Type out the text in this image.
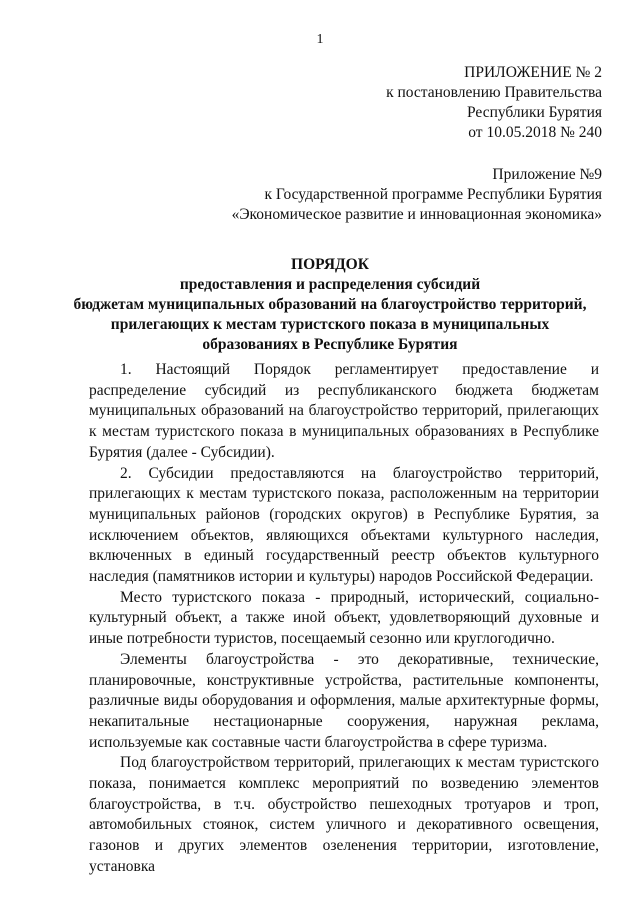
1
ПРИЛОЖЕНИЕ № 2
к постановлению Правительства
Республики Бурятия
от 10.05.2018 № 240
Приложение №9
к Государственной программе Республики Бурятия
«Экономическое развитие и инновационная экономика»
ПОРЯДОК
предоставления и распределения субсидий
бюджетам муниципальных образований на благоустройство территорий,
прилегающих к местам туристского показа в муниципальных
образованиях в Республике Бурятия

1. Настоящий Порядок регламентирует предоставление и распределение субсидий из республиканского бюджета бюджетам муниципальных образований на благоустройство территорий, прилегающих к местам туристского показа в муниципальных образованиях в Республике Бурятия (далее - Субсидии).

2. Субсидии предоставляются на благоустройство территорий, прилегающих к местам туристского показа, расположенным на территории муниципальных районов (городских округов) в Республике Бурятия, за исключением объектов, являющихся объектами культурного наследия, включенных в единый государственный реестр объектов культурного наследия (памятников истории и культуры) народов Российской Федерации.

Место туристского показа - природный, исторический, социально-культурный объект, а также иной объект, удовлетворяющий духовные и иные потребности туристов, посещаемый сезонно или круглогодично.

Элементы благоустройства - это декоративные, технические, планировочные, конструктивные устройства, растительные компоненты, различные виды оборудования и оформления, малые архитектурные формы, некапитальные нестационарные сооружения, наружная реклама, используемые как составные части благоустройства в сфере туризма.

Под благоустройством территорий, прилегающих к местам туристского показа, понимается комплекс мероприятий по возведению элементов благоустройства, в т.ч. обустройство пешеходных тротуаров и троп, автомобильных стоянок, систем уличного и декоративного освещения, газонов и других элементов озеленения территории, изготовление, установка
